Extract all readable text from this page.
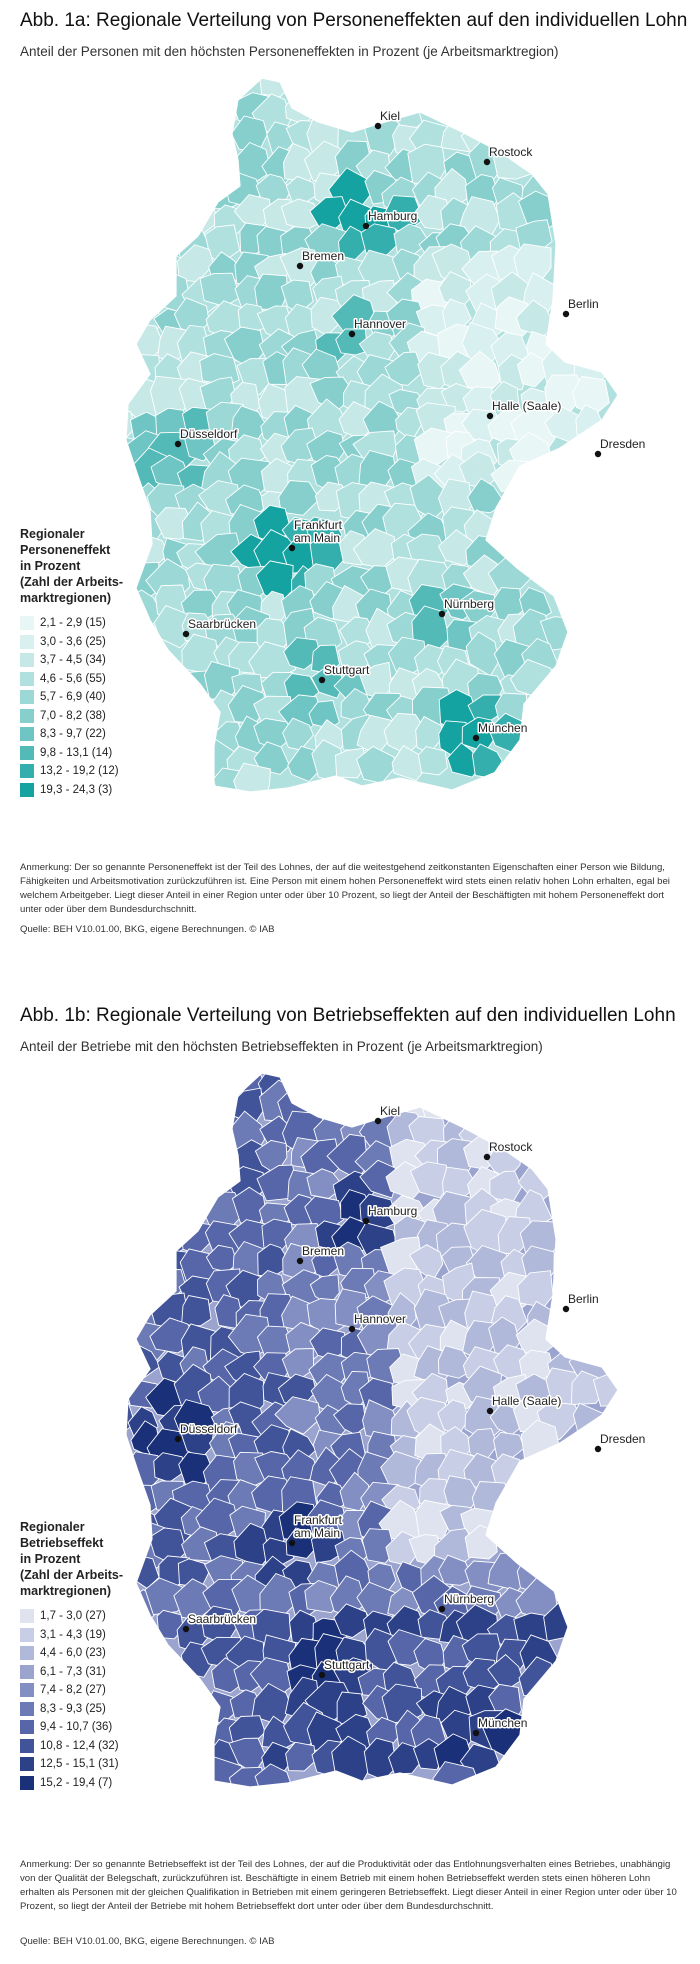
Kiel
Rostock
Hamburg
Bremen
Berlin
Hannover
Halle (Saale)
Düsseldorf
Dresden
Frankfurt am Main
Nürnberg
Saarbrücken
Stuttgart
München
Abb. 1a: Regionale Verteilung von Personeneffekten auf den individuellen Lohn

Anteil der Personen mit den höchsten Personeneffekten in Prozent (je Arbeitsmarktregion)

Regionaler
Personeneffekt
in Prozent
(Zahl der Arbeits-
marktregionen)
2,1 - 2,9 (15)
3,0 - 3,6 (25)
3,7 - 4,5 (34)
4,6 - 5,6 (55)
5,7 - 6,9 (40)
7,0 - 8,2 (38)
8,3 - 9,7 (22)
9,8 - 13,1 (14)
13,2 - 19,2 (12)
19,3 - 24,3 (3)
Anmerkung: Der so genannte Personeneffekt ist der Teil des Lohnes, der auf die weitestgehend zeitkonstanten Eigenschaften einer Person wie Bildung, Fähigkeiten und Arbeitsmotivation zurückzuführen ist. Eine Person mit einem hohen Personeneffekt wird stets einen relativ hohen Lohn erhalten, egal bei welchem Arbeitgeber. Liegt dieser Anteil in einer Region unter oder über 10 Prozent, so liegt der Anteil der Beschäftigten mit hohem Personeneffekt dort unter oder über dem Bundesdurchschnitt.
Quelle: BEH V10.01.00, BKG, eigene Berechnungen. © IAB
Kiel
Rostock
Hamburg
Bremen
Berlin
Hannover
Halle (Saale)
Düsseldorf
Dresden
Frankfurt am Main
Nürnberg
Saarbrücken
Stuttgart
München
Abb. 1b: Regionale Verteilung von Betriebseffekten auf den individuellen Lohn

Anteil der Betriebe mit den höchsten Betriebseffekten in Prozent (je Arbeitsmarktregion)

Regionaler
Betriebseffekt
in Prozent
(Zahl der Arbeits-
marktregionen)
1,7 - 3,0 (27)
3,1 - 4,3 (19)
4,4 - 6,0 (23)
6,1 - 7,3 (31)
7,4 - 8,2 (27)
8,3 - 9,3 (25)
9,4 - 10,7 (36)
10,8 - 12,4 (32)
12,5 - 15,1 (31)
15,2 - 19,4 (7)
Anmerkung: Der so genannte Betriebseffekt ist der Teil des Lohnes, der auf die Produktivität oder das Entlohnungsverhalten eines Betriebes, unabhängig von der Qualität der Belegschaft, zurückzuführen ist. Beschäftigte in einem Betrieb mit einem hohen Betriebseffekt werden stets einen höheren Lohn erhalten als Personen mit der gleichen Qualifikation in Betrieben mit einem geringeren Betriebseffekt. Liegt dieser Anteil in einer Region unter oder über 10 Prozent, so liegt der Anteil der Betriebe mit hohem Betriebseffekt dort unter oder über dem Bundesdurchschnitt.
Quelle: BEH V10.01.00, BKG, eigene Berechnungen. © IAB
